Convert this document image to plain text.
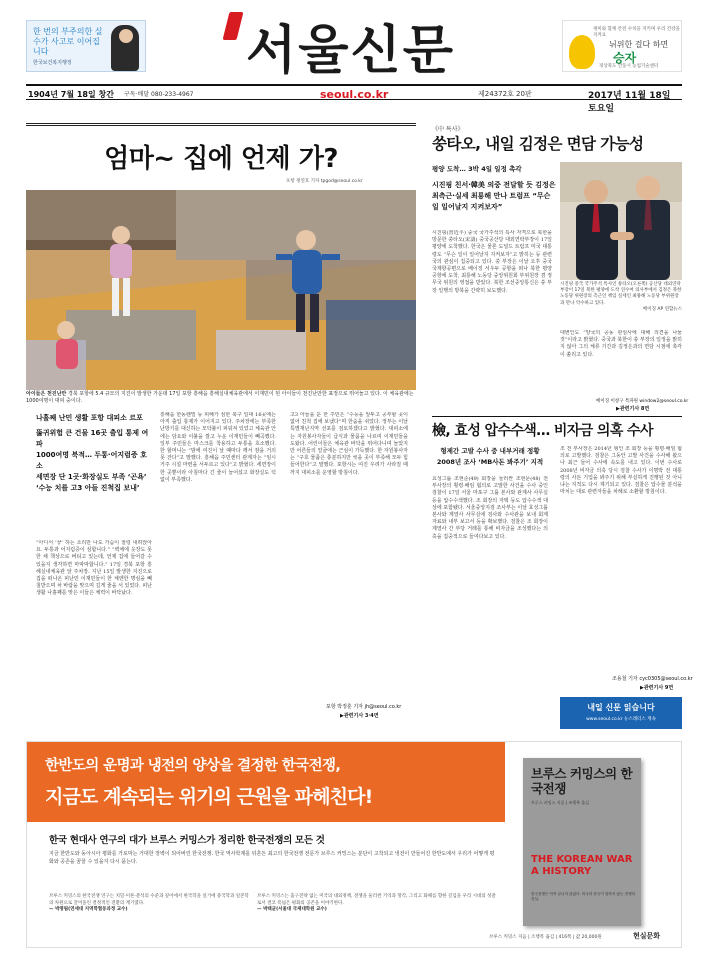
한 번의 부주의한 실수가 사고로 이어집니다
한국보건복지행정	서울신문	재미와 함께 안전 수칙을 지키며 우리 건강을 지켜요
뉘위한 걸다 하면
승자
경상북도 안동시 농업기술센터
1904년 7월 18일 창간 구독·배달 080-233-4967	seoul.co.kr	제24372호 20판	2017년 11월 18일 토요일
엄마~ 집에 언제 가?
포항 정연호 기자 tpgod@seoul.co.kr
아이들은 천진난만 경북 포항에 5.4 규모의 지진이 발생한 가운데 17일 포항 흥해읍 흥해실내체육관에서 이재민이 된 아이들이 천진난만한 표정으로 뛰어놀고 있다. 이 체육관에는 1000여명이 대피 중이다.
나흘째 난민 생활 포항 대피소 르포
뚫귀위험 큰 건물 16곳 출입 통제 여파
1000여명 북적… 두통·어지럼증 호소
세면장 단 1곳·화장실도 부족 ‘곤욕’
‘수능 치를 고3 아들 진척집 보내’
“아디서 ‘꿍’ 하는 소리만 나도 가슴이 철렁 내려앉아요. 두통과 어지럼증이 심합니다.” “벽체에 옷장도 못한 채 책상으로 버티고 있는데, 언제 집에 들어갈 수 있을지 생각하면 마막막합니다.” 17일 경북 포항 흥해실내체육관 앞 주차장. 지난 15일 발생한 지진으로 집을 떠나온 피난민 이재민들이 한 체엔한 명심을 빼칠받으며 차 바람을 맞으며 길게 줄을 서 있었다. 피난 생활 나흘째를 맞은 이들은 체력이 바닥났다.
흥해읍 한동렌빌 등 피해가 심한 북구 일대 16곳에는 아직 출입 통제가 이어지고 있다. 주차장에는 부족한 난방기를 대신하는 모닥불이 피워져 있었고 체육관 안에는 담요와 이불을 깔고 누운 이재민들이 빼곡했다. 일부 주민들은 마스크를 착용하고 두통을 호소했다. 한 할머니는 “밤에 여진이 날 때마다 깨서 잠을 거의 못 잔다”고 말했다. 흥해읍 주민센터 관계자는 “임시 거주 시설 마련을 서두르고 있다”고 밝혔다. 세면장이 한 곳뿐이라 아침마다 긴 줄이 늘어섰고 화장실도 턱없이 부족했다.
고3 아들을 둔 한 주민은 “수능을 앞두고 공부할 곳이 없어 친척 집에 보냈다”며 한숨을 쉬었다. 정부는 이날 특별재난지역 선포를 검토하겠다고 밝혔다. 대피소에는 자원봉사자들이 급식과 물품을 나르며 이재민들을 도왔다. 어린이들은 체육관 바닥을 뛰어다니며 놀았지만 어른들의 얼굴에는 근심이 가득했다. 한 자원봉사자는 “구호 물품은 충분하지만 씻을 곳이 부족해 모두 힘들어한다”고 말했다. 포항시는 여진 우려가 사라질 때까지 대피소를 운영할 방침이다.
포항 박정훈 기자 jh@seoul.co.kr
▶관련기사 3·4면
《中 특사》
쑹타오, 내일 김정은 면담 가능성
평양 도착… 3박 4일 일정 촉각
시진핑 친서·韓美 의중 전달할 듯 김정은 최측근·실세 최룡해 만나 트럼프 “무슨 일 일어날지 지켜보자”
시진핑(習近平) 중국 국가주석의 특사 자격으로 북한을 방문한 쑹타오(宋濤) 중국공산당 대외연락부장이 17일 평양에 도착했다. 한국은 물론 도널드 트럼프 미국 대통령도 “무슨 일이 일어날지 지켜보자”고 밝히는 등 관련국의 관심이 집중되고 있다. 쑹 부장은 이날 오후 중국국제항공편으로 베이징 서우두 공항을 떠나 북한 평양 공항에 도착, 최룡해 노동당 중앙위원회 부위원장 겸 정무국 위원의 영접을 받았다. 북한 조선중앙통신은 쑹 부장 일행의 방북을 간략히 보도했다.
시진핑 중국 국가주석 특사인 쑹타오(오른쪽) 공산당 대외연락부장이 17일 북한 평양에 도착 연수여 의사부에서 김정은 북한 노동당 위원장의 측근인 책임 실세인 최룡해 노동당 부위원장과 만나 악수하고 있다.
베이징 AP 연합뉴스
대변인도 “양국의 공동 관심사에 대해 의견을 나눌 것”이라고 밝혔다. 중국과 북한이 쑹 부장의 일정을 밝히지 않아 그의 체류 기간과 김정은과의 면담 시점에 촉각이 쏠리고 있다.
베이징 이창구 특파원 window2@seoul.co.kr
▶관련기사 8면
檢, 효성 압수수색… 비자금 의혹 수사
형제간 고발 수사 중 내부거래 정황 2008년 조사 ‘MB사돈 봐주기’ 지적
효성그룹 조현준(49) 회장을 둘러싼 조현문(48) 전 부사장의 횡령·배임 혐의로 고발한 사건을 수사 중인 검찰이 17일 서울 마포구 그룹 본사와 관계사 사무실 등을 압수수색했다. 조 회장의 자택 등도 압수수색 대상에 포함됐다. 서울중앙지검 조사부는 이날 효성그룹 본사와 계열사 사무실에 검사와 수사관을 보내 회계 자료와 내부 보고서 등을 확보했다. 검찰은 조 회장이 계열사 간 부당 거래를 통해 비자금을 조성했다는 의혹을 집중적으로 들여다보고 있다.
조 전 부사장은 2014년 형인 조 회장 등을 횡령·배임 혐의로 고발했다. 검찰은 그동안 고발 사건을 수사해 왔으나 최근 들어 수사에 속도를 내고 있다. 이번 수사로 2008년 비자금 의혹 당시 검찰 수사가 이명박 전 대통령의 사돈 기업을 봐주기 위해 부실하게 진행된 것 아니냐는 지적도 다시 제기되고 있다. 검찰은 압수물 분석을 마치는 대로 관련자들을 차례로 소환할 방침이다.
조용철 기자 cyc0305@seoul.co.kr
▶관련기사 9면
내일 신문 읽습니다
www.seoul.co.kr 뉴스레터스 계속
한반도의 운명과 냉전의 양상을 결정한 한국전쟁,
지금도 계속되는 위기의 근원을 파헤친다!
한국 현대사 연구의 대가 브루스 커밍스가 정리한 한국전쟁의 모든 것
지금 한반도와 동아시아 평화를 가로막는 거대한 장벽이 되어버린 한국전쟁. 한국 역사학계를 뒤흔든 최고의 한국전쟁 전문가 브루스 커밍스는 분단이 고착되고 냉전이 만들어진 한반도에서 우리가 어떻게 평화와 공존을 꿈꿀 수 있을지 다시 묻는다.
브루스 커밍스의 한국전쟁 연구는 치밀·이론·분석의 수준과 깊이에서 한국학을 일거에 중국학과 일본학의 차원으로 끌어올린 결정적인 전환의 계기였다.
— 박명림(연세대 지역학협동과정 교수)
브루스 커밍스는 출구전략 없는 미국의 대외정책, 전쟁을 둘러싼 기억과 망각, 그리고 화해를 향한 길임을 우리 시대의 성찰로서 결코 폭넓은 평화의 공존을 이야기한다.
— 박태균(서울대 국제대학원 교수)
브루스 커밍스의 한국전쟁
브루스 커밍스 지음 | 조행복 옮김
THE KOREAN WAR A HISTORY
한국전쟁은 아직 끝나지 않았다. 미국과 한국이 말하지 않는 전쟁의 진실.
브루스 커밍스 지음 | 조행복 옮김 | 416쪽 | 값 20,000원	현실문화
